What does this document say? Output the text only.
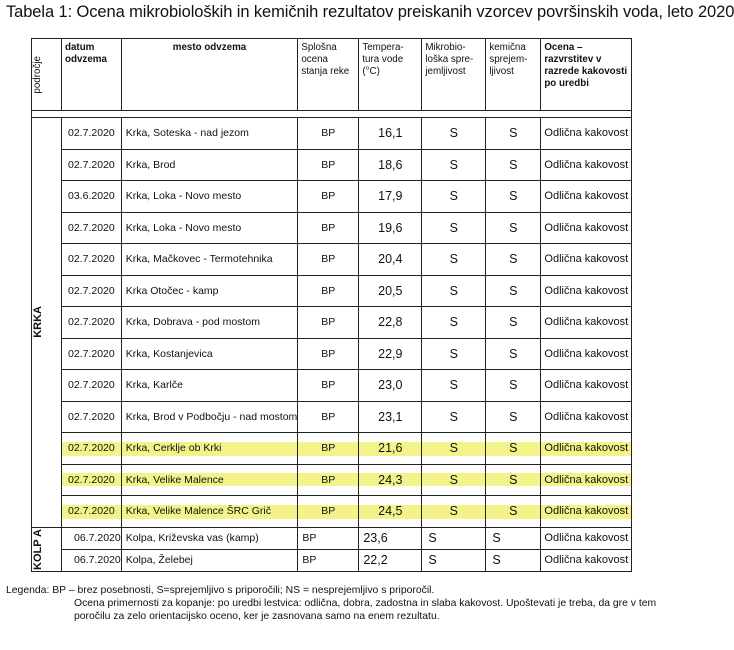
Tabela 1: Ocena mikrobioloških in kemičnih rezultatov preiskanih vzorcev površinskih voda, leto 2020
področje	datum odvzema	mesto odvzema	Splošna ocena stanja reke	Tempera-tura vode (°C)	Mikrobio-loška spre-jemljivost	kemična sprejem-ljivost	Ocena – razvrstitev v razrede kakovosti po uredbi

KRKA	02.7.2020	Krka, Soteska - nad jezom	BP	16,1	S	S	Odlična kakovost
	02.7.2020	Krka, Brod	BP	18,6	S	S	Odlična kakovost
	03.6.2020	Krka, Loka - Novo mesto	BP	17,9	S	S	Odlična kakovost
	02.7.2020	Krka, Loka - Novo mesto	BP	19,6	S	S	Odlična kakovost
	02.7.2020	Krka, Mačkovec - Termotehnika	BP	20,4	S	S	Odlična kakovost
	02.7.2020	Krka Otočec - kamp	BP	20,5	S	S	Odlična kakovost
	02.7.2020	Krka, Dobrava - pod mostom	BP	22,8	S	S	Odlična kakovost
	02.7.2020	Krka, Kostanjevica	BP	22,9	S	S	Odlična kakovost
	02.7.2020	Krka, Karlče	BP	23,0	S	S	Odlična kakovost
	02.7.2020	Krka, Brod v Podbočju - nad mostom	BP	23,1	S	S	Odlična kakovost
	02.7.2020	Krka, Cerklje ob Krki	BP	21,6	S	S	Odlična kakovost
	02.7.2020	Krka, Velike Malence	BP	24,3	S	S	Odlična kakovost
	02.7.2020	Krka, Velike Malence ŠRC Grič	BP	24,5	S	S	Odlična kakovost

KOLP A	06.7.2020	Kolpa, Križevska vas (kamp)	BP	23,6	S	S	Odlična kakovost
	06.7.2020	Kolpa, Želebej	BP	22,2	S	S	Odlična kakovost
Legenda: BP – brez posebnosti, S=sprejemljivo s priporočili; NS = nesprejemljivo s priporočil.
Ocena primernosti za kopanje: po uredbi lestvica: odlična, dobra, zadostna in slaba kakovost. Upoštevati je treba, da gre v tem
poročilu za zelo orientacijsko oceno, ker je zasnovana samo na enem rezultatu.
